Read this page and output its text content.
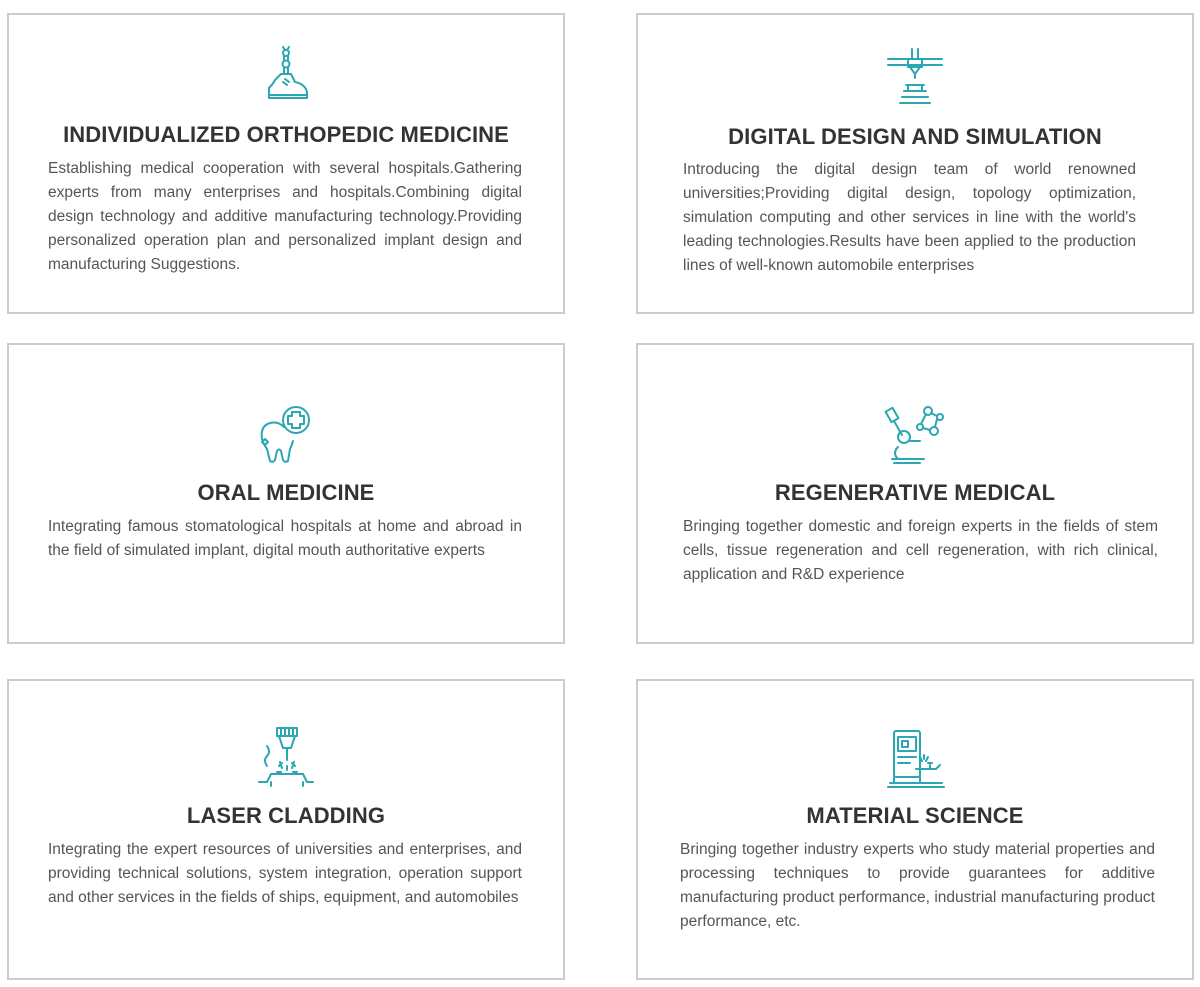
INDIVIDUALIZED ORTHOPEDIC MEDICINE

Establishing medical cooperation with several hospitals.Gathering experts from many enterprises and hospitals.Combining digital design technology and additive manufacturing technology.Providing personalized operation plan and personalized implant design and manufacturing Suggestions.

DIGITAL DESIGN AND SIMULATION

Introducing the digital design team of world renowned universities;Providing digital design, topology optimization, simulation computing and other services in line with the world's leading technologies.Results have been applied to the production lines of well-known automobile enterprises

ORAL MEDICINE

Integrating famous stomatological hospitals at home and abroad in the field of simulated implant, digital mouth authoritative experts

REGENERATIVE MEDICAL

Bringing together domestic and foreign experts in the fields of stem cells, tissue regeneration and cell regeneration, with rich clinical, application and R&D experience

LASER CLADDING

Integrating the expert resources of universities and enterprises, and providing technical solutions, system integration, operation support and other services in the fields of ships, equipment, and automobiles

MATERIAL SCIENCE

Bringing together industry experts who study material properties and processing techniques to provide guarantees for additive manufacturing product performance, industrial manufacturing product performance, etc.
